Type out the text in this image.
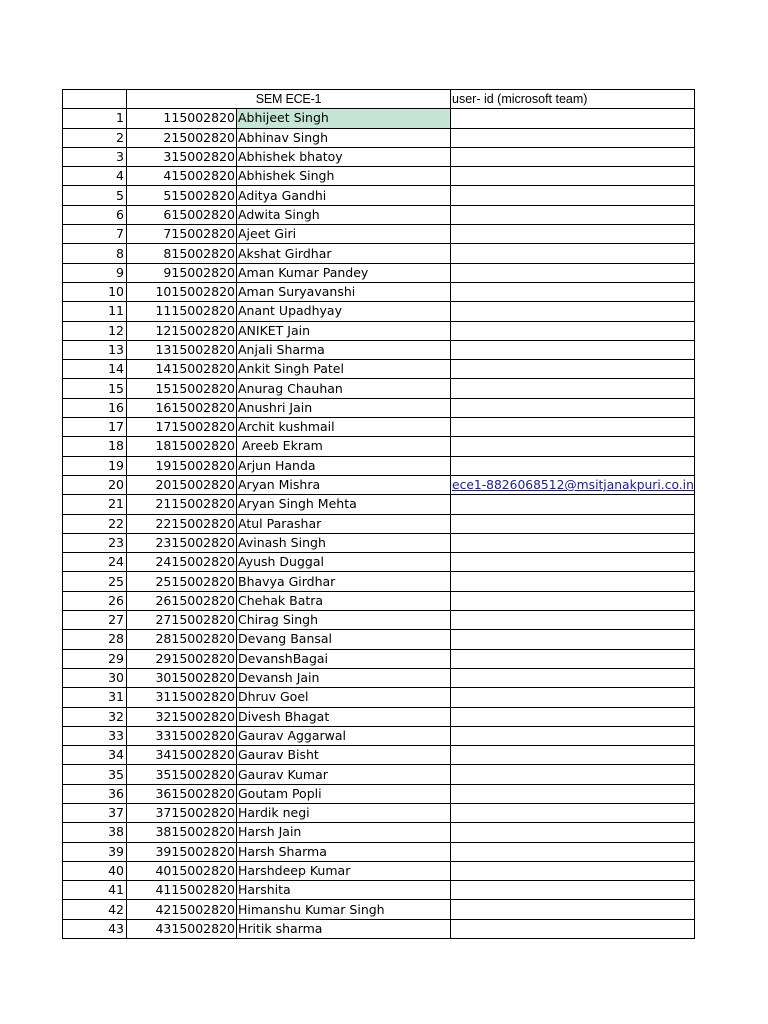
	SEM ECE-1		user- id (microsoft team)
1	115002820	Abhijeet Singh	
2	215002820	Abhinav Singh	
3	315002820	Abhishek bhatoy	
4	415002820	Abhishek Singh	
5	515002820	Aditya Gandhi	
6	615002820	Adwita Singh	
7	715002820	Ajeet Giri	
8	815002820	Akshat Girdhar	
9	915002820	Aman Kumar Pandey	
10	1015002820	Aman Suryavanshi	
11	1115002820	Anant Upadhyay	
12	1215002820	ANIKET Jain	
13	1315002820	Anjali Sharma	
14	1415002820	Ankit Singh Patel	
15	1515002820	Anurag Chauhan	
16	1615002820	Anushri Jain	
17	1715002820	Archit kushmail	
18	1815002820	Areeb Ekram	
19	1915002820	Arjun Handa	
20	2015002820	Aryan Mishra	ece1-8826068512@msitjanakpuri.co.in
21	2115002820	Aryan Singh Mehta	
22	2215002820	Atul Parashar	
23	2315002820	Avinash Singh	
24	2415002820	Ayush Duggal	
25	2515002820	Bhavya Girdhar	
26	2615002820	Chehak Batra	
27	2715002820	Chirag Singh	
28	2815002820	Devang Bansal	
29	2915002820	DevanshBagai	
30	3015002820	Devansh Jain	
31	3115002820	Dhruv Goel	
32	3215002820	Divesh Bhagat	
33	3315002820	Gaurav Aggarwal	
34	3415002820	Gaurav Bisht	
35	3515002820	Gaurav Kumar	
36	3615002820	Goutam Popli	
37	3715002820	Hardik negi	
38	3815002820	Harsh Jain	
39	3915002820	Harsh Sharma	
40	4015002820	Harshdeep Kumar	
41	4115002820	Harshita	
42	4215002820	Himanshu Kumar Singh	
43	4315002820	Hritik sharma	
